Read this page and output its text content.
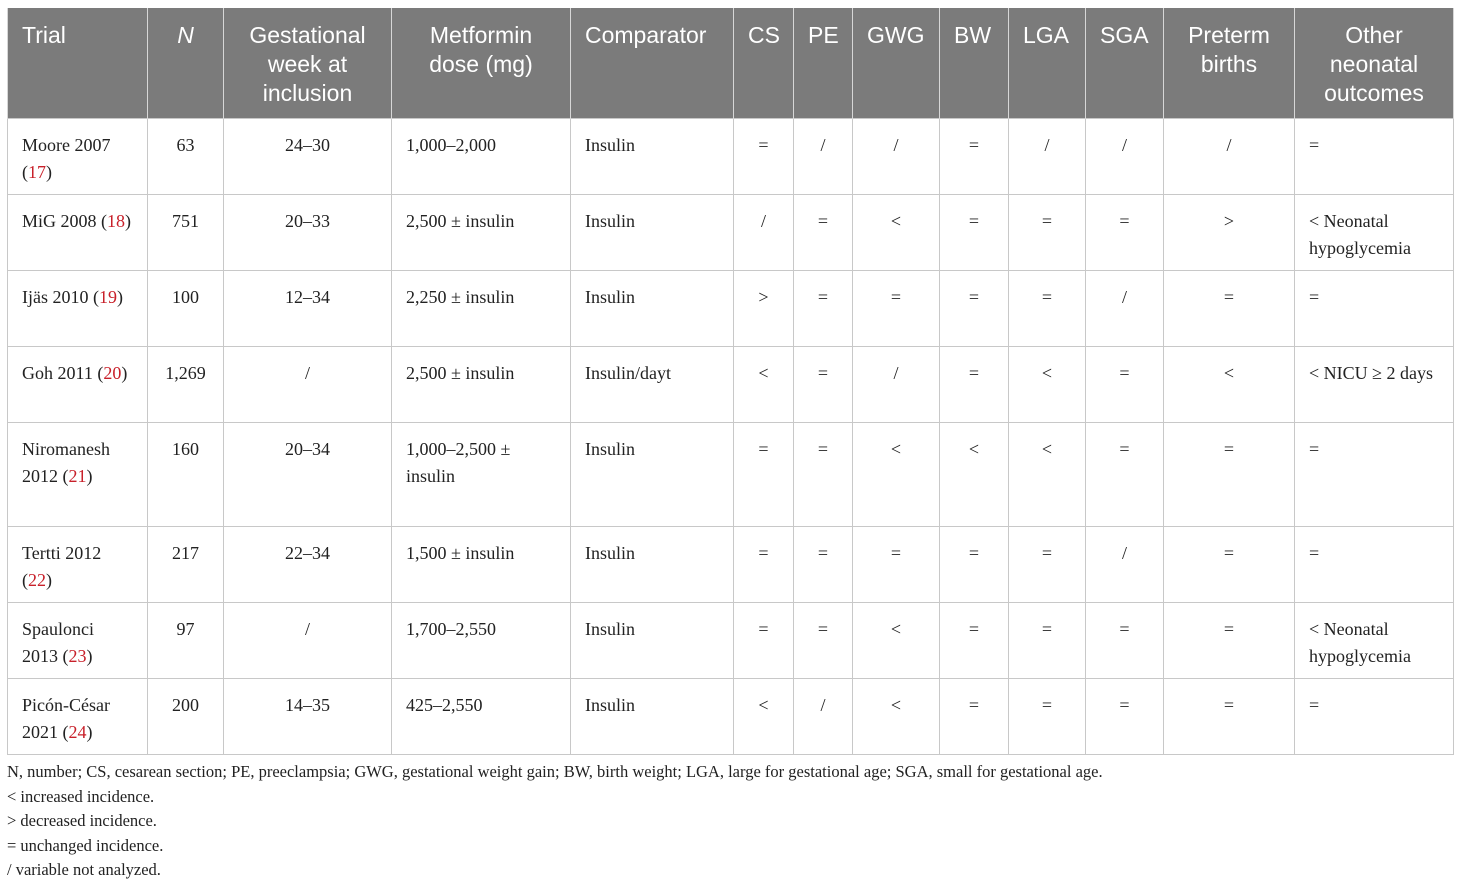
Trial	N	Gestational week at inclusion	Metformin dose (mg)	Comparator	CS	PE	GWG	BW	LGA	SGA	Preterm births	Other neonatal outcomes
Moore 2007 (17)	63	24–30	1,000–2,000	Insulin	=	/	/	=	/	/	/	=
MiG 2008 (18)	751	20–33	2,500 ± insulin	Insulin	/	=	<	=	=	=	>	< Neonatal hypoglycemia
Ijäs 2010 (19)	100	12–34	2,250 ± insulin	Insulin	>	=	=	=	=	/	=	=
Goh 2011 (20)	1,269	/	2,500 ± insulin	Insulin/dayt	<	=	/	=	<	=	<	< NICU ≥ 2 days
Niromanesh 2012 (21)	160	20–34	1,000–2,500 ± insulin	Insulin	=	=	<	<	<	=	=	=
Tertti 2012 (22)	217	22–34	1,500 ± insulin	Insulin	=	=	=	=	=	/	=	=
Spaulonci 2013 (23)	97	/	1,700–2,550	Insulin	=	=	<	=	=	=	=	< Neonatal hypoglycemia
Picón-César 2021 (24)	200	14–35	425–2,550	Insulin	<	/	<	=	=	=	=	=
N, number; CS, cesarean section; PE, preeclampsia; GWG, gestational weight gain; BW, birth weight; LGA, large for gestational age; SGA, small for gestational age.
< increased incidence.
> decreased incidence.
= unchanged incidence.
/ variable not analyzed.
